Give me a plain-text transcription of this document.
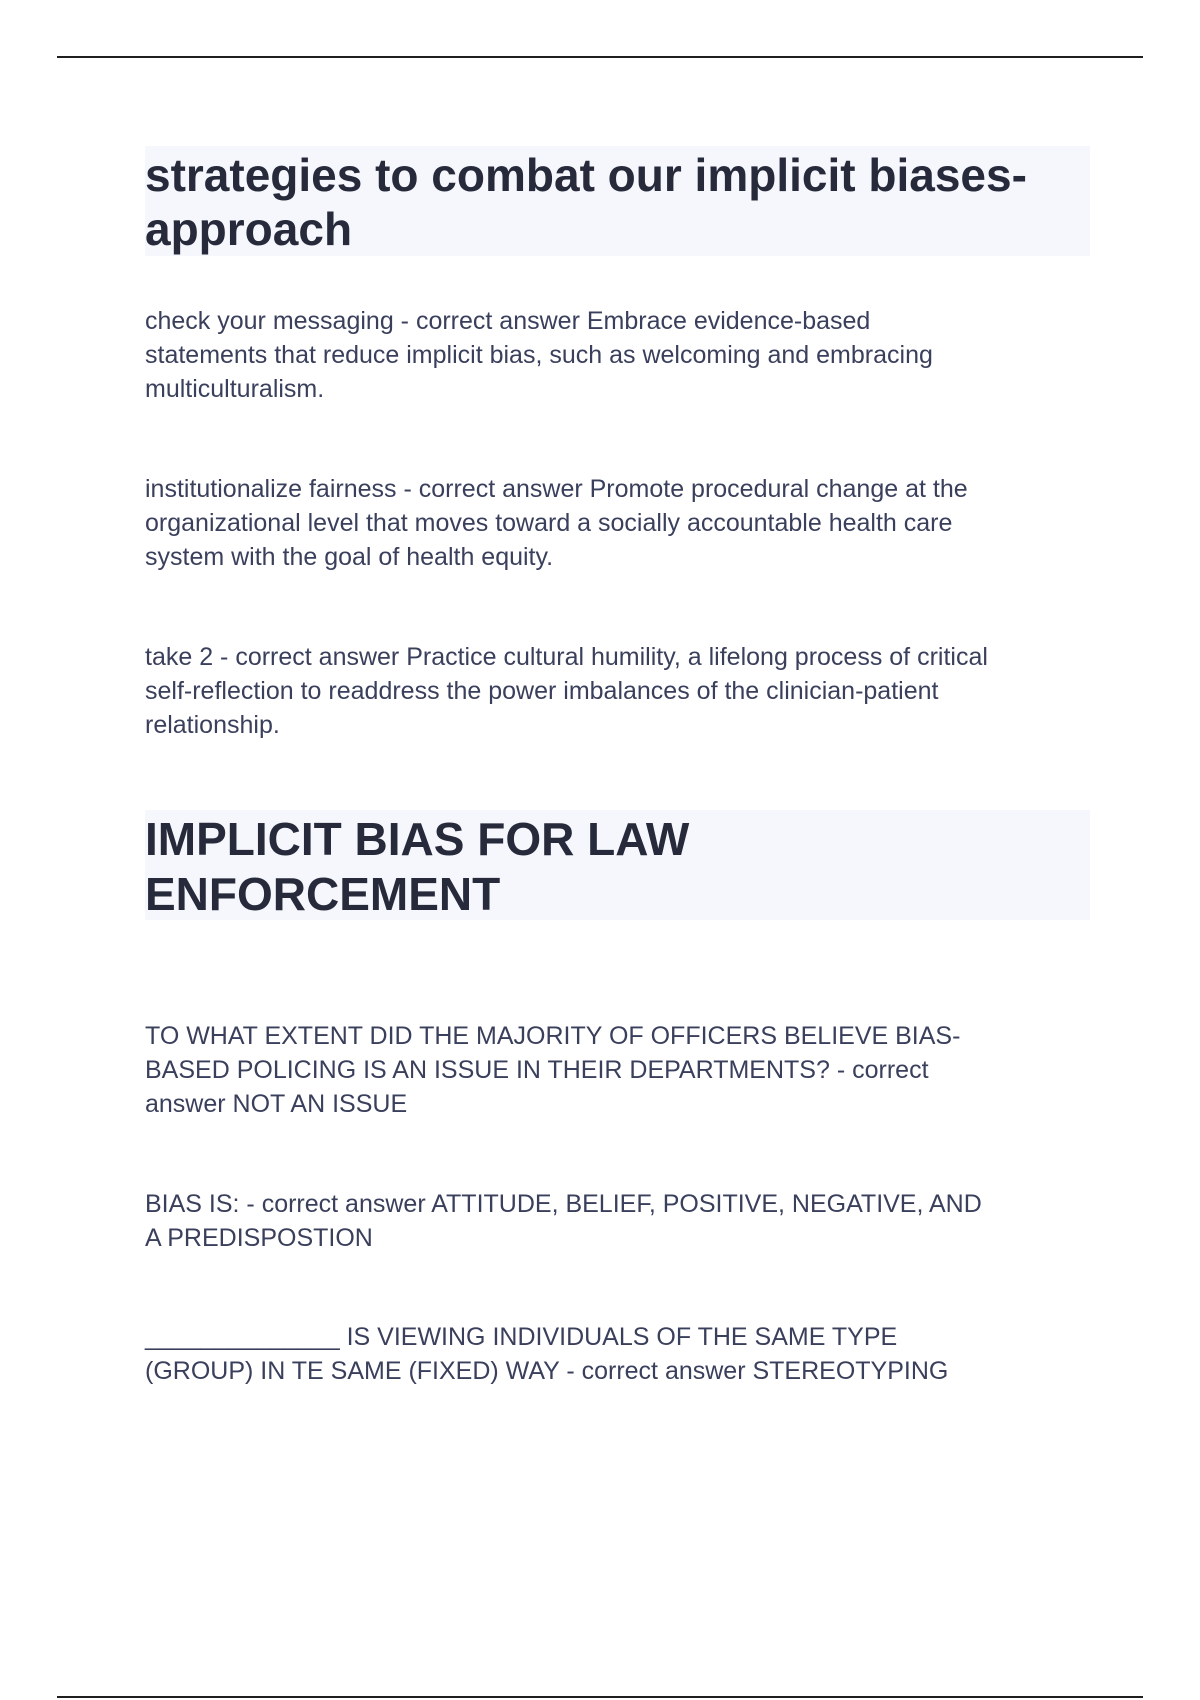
strategies to combat our implicit biases-
approach

check your messaging - correct answer Embrace evidence-based
statements that reduce implicit bias, such as welcoming and embracing
multiculturalism.

institutionalize fairness - correct answer Promote procedural change at the
organizational level that moves toward a socially accountable health care
system with the goal of health equity.

take 2 - correct answer Practice cultural humility, a lifelong process of critical
self-reflection to readdress the power imbalances of the clinician-patient
relationship.

IMPLICIT BIAS FOR LAW
ENFORCEMENT

TO WHAT EXTENT DID THE MAJORITY OF OFFICERS BELIEVE BIAS-
BASED POLICING IS AN ISSUE IN THEIR DEPARTMENTS? - correct
answer NOT AN ISSUE

BIAS IS: - correct answer ATTITUDE, BELIEF, POSITIVE, NEGATIVE, AND
A PREDISPOSTION

______________ IS VIEWING INDIVIDUALS OF THE SAME TYPE
(GROUP) IN TE SAME (FIXED) WAY - correct answer STEREOTYPING
